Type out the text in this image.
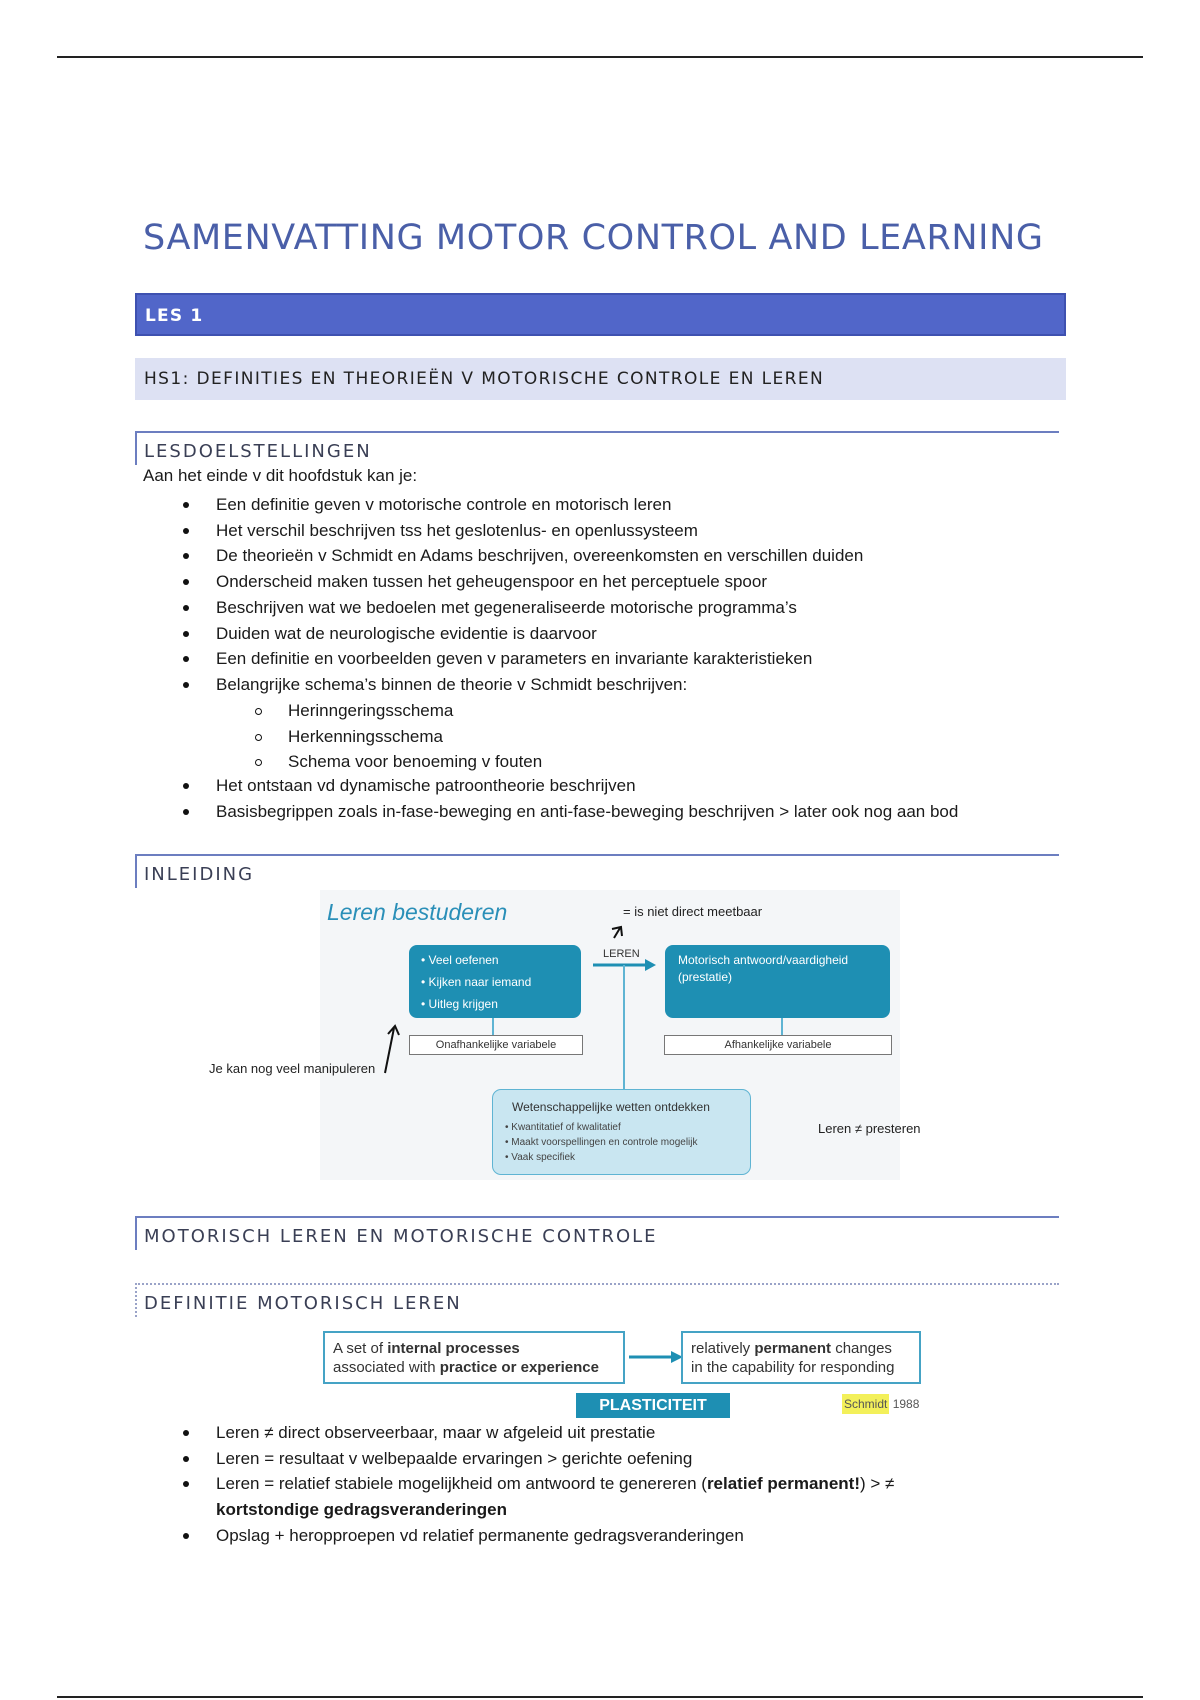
SAMENVATTING MOTOR CONTROL AND LEARNING
LES 1
HS1: DEFINITIES EN THEORIEËN V MOTORISCHE CONTROLE EN LEREN
LESDOELSTELLINGEN
Aan het einde v dit hoofdstuk kan je:
Een definitie geven v motorische controle en motorisch leren
Het verschil beschrijven tss het geslotenlus- en openlussysteem
De theorieën v Schmidt en Adams beschrijven, overeenkomsten en verschillen duiden
Onderscheid maken tussen het geheugenspoor en het perceptuele spoor
Beschrijven wat we bedoelen met gegeneraliseerde motorische programma’s
Duiden wat de neurologische evidentie is daarvoor
Een definitie en voorbeelden geven v parameters en invariante karakteristieken
Belangrijke schema’s binnen de theorie v Schmidt beschrijven:
Herinngeringsschema
Herkenningsschema
Schema voor benoeming v fouten
Het ontstaan vd dynamische patroontheorie beschrijven
Basisbegrippen zoals in-fase-beweging en anti-fase-beweging beschrijven > later ook nog aan bod
INLEIDING
Leren bestuderen	= is niet direct meetbaar
LEREN
• Veel oefenen
• Kijken naar iemand
• Uitleg krijgen
Motorisch antwoord/vaardigheid (prestatie)
Onafhankelijke variabele	Afhankelijke variabele
Wetenschappelijke wetten ontdekken
• Kwantitatief of kwalitatief
• Maakt voorspellingen en controle mogelijk
• Vaak specifiek
Je kan nog veel manipuleren
Leren ≠ presteren
MOTORISCH LEREN EN MOTORISCHE CONTROLE
DEFINITIE MOTORISCH LEREN
A set of internal processes
associated with practice or experience
relatively permanent changes
in the capability for responding
PLASTICITEIT	Schmidt 1988
Leren ≠ direct observeerbaar, maar w afgeleid uit prestatie
Leren = resultaat v welbepaalde ervaringen > gerichte oefening
Leren = relatief stabiele mogelijkheid om antwoord te genereren (relatief permanent!) > ≠ kortstondige gedragsveranderingen
Opslag + heropproepen vd relatief permanente gedragsveranderingen
